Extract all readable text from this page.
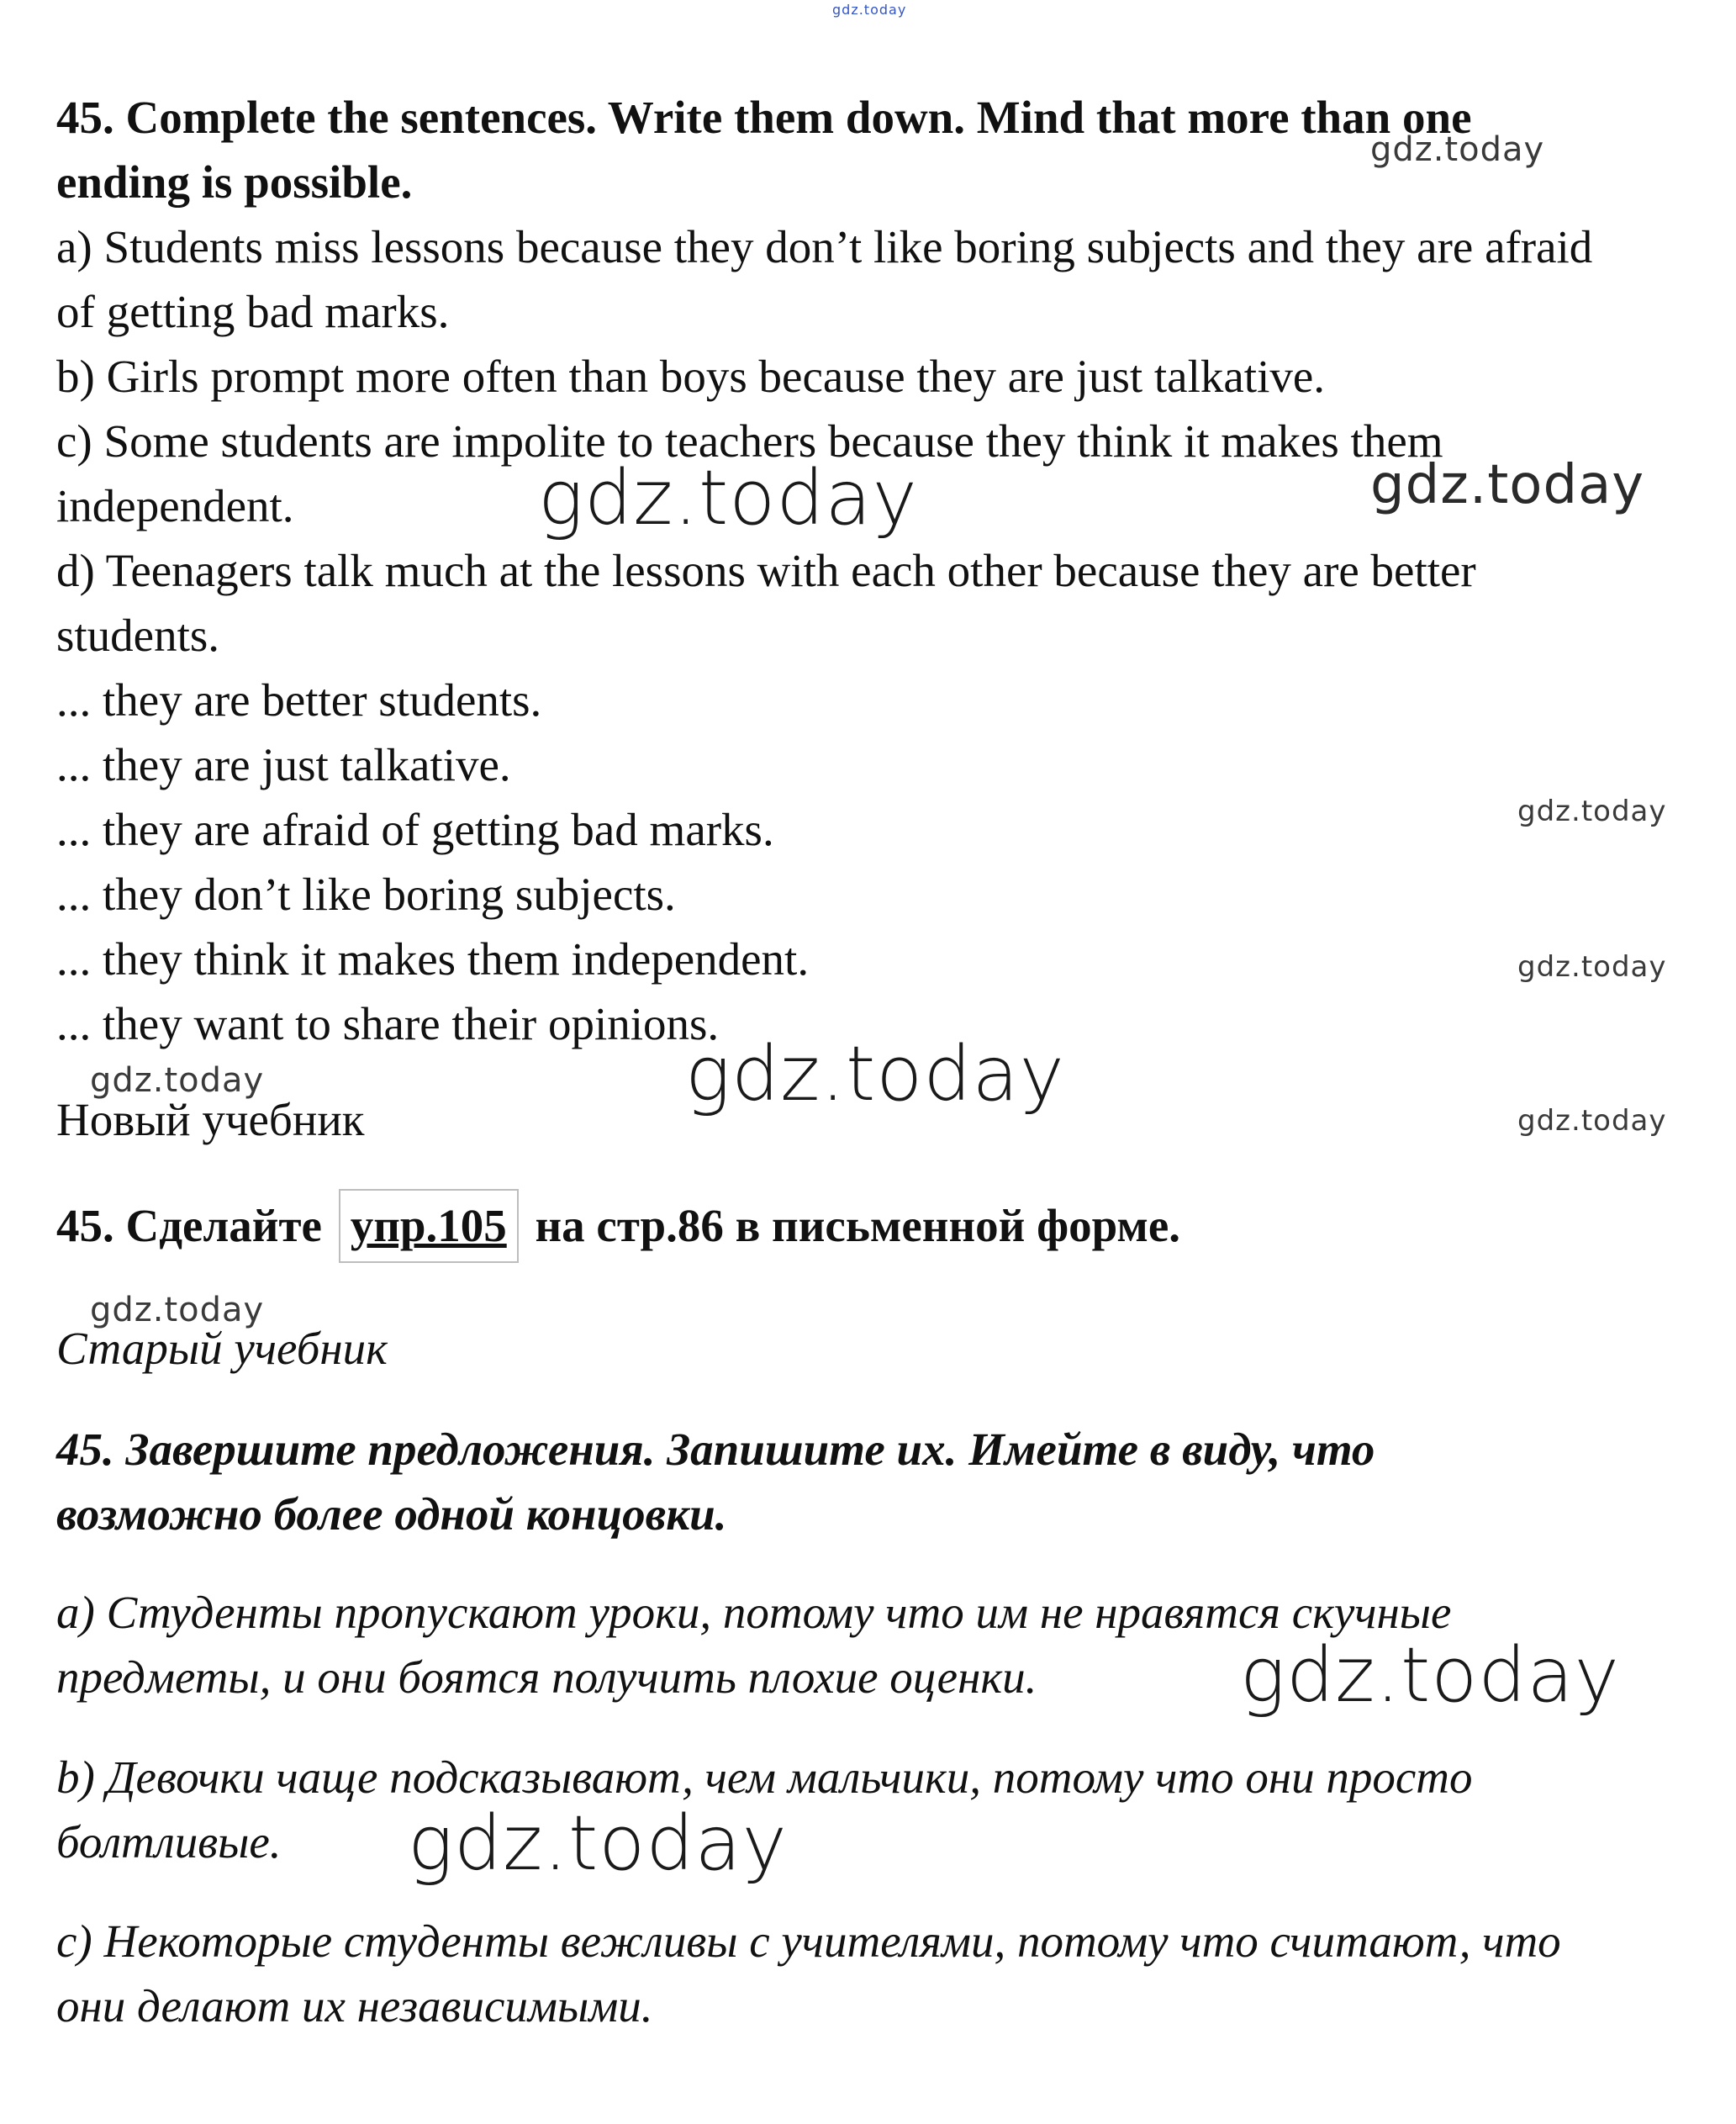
gdz.today
gdz.today
gdz.today	gdz.today
gdz.today
gdz.today
gdz.today	gdz.today
gdz.today
gdz.today
gdz.today
gdz.today
45. Complete the sentences. Write them down. Mind that more than one
ending is possible.
a) Students miss lessons because they don’t like boring subjects and they are afraid
of getting bad marks.
b) Girls prompt more often than boys because they are just talkative.
c) Some students are impolite to teachers because they think it makes them
independent.
d) Teenagers talk much at the lessons with each other because they are better
students.
... they are better students.
... they are just talkative.
... they are afraid of getting bad marks.
... they don’t like boring subjects.
... they think it makes them independent.
... they want to share their opinions.
Новый учебник
45. Сделайте упр.105 на стр.86 в письменной форме.
Старый учебник
45. Завершите предложения. Запишите их. Имейте в виду, что
возможно более одной концовки.
а) Студенты пропускают уроки, потому что им не нравятся скучные
предметы, и они боятся получить плохие оценки.
b) Девочки чаще подсказывают, чем мальчики, потому что они просто
болтливые.
c) Некоторые студенты вежливы с учителями, потому что считают, что
они делают их независимыми.
